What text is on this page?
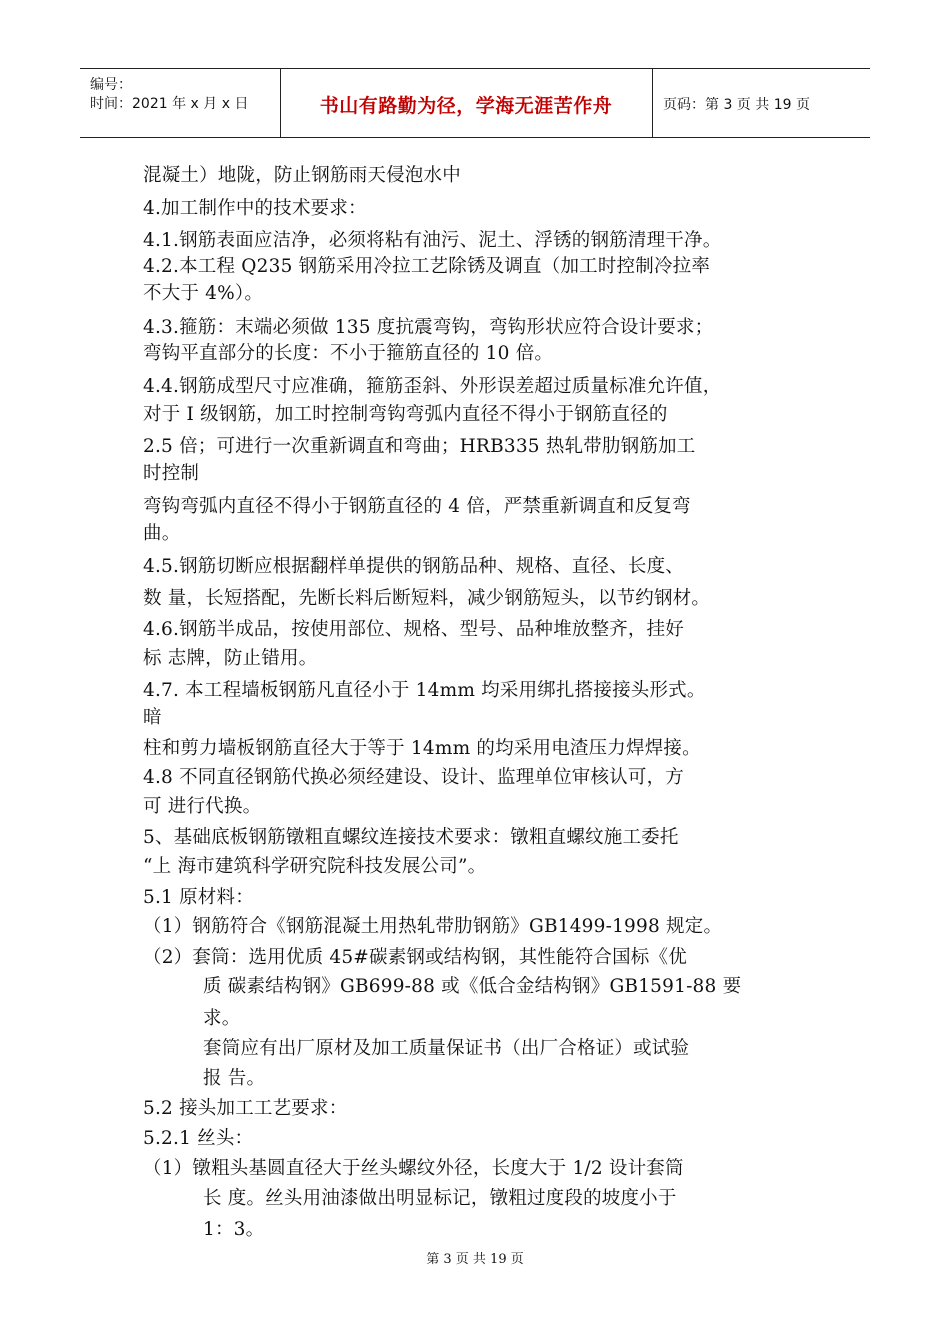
编号：
时间：2021 年 x 月 x 日	书山有路勤为径，学海无涯苦作舟	页码：第 3 页 共 19 页
混凝土）地陇，防止钢筋雨天侵泡水中
4.加工制作中的技术要求：
4.1.钢筋表面应洁净，必须将粘有油污、泥土、浮锈的钢筋清理干净。
4.2.本工程 Q235 钢筋采用冷拉工艺除锈及调直（加工时控制冷拉率
不大于 4%）。
4.3.箍筋：末端必须做 135 度抗震弯钩，弯钩形状应符合设计要求；
弯钩平直部分的长度：不小于箍筋直径的 10 倍。
4.4.钢筋成型尺寸应准确，箍筋歪斜、外形误差超过质量标准允许值，
对于 I 级钢筋，加工时控制弯钩弯弧内直径不得小于钢筋直径的
2.5 倍；可进行一次重新调直和弯曲；HRB335 热轧带肋钢筋加工
时控制
弯钩弯弧内直径不得小于钢筋直径的 4 倍，严禁重新调直和反复弯
曲。
4.5.钢筋切断应根据翻样单提供的钢筋品种、规格、直径、长度、
数 量，长短搭配，先断长料后断短料，减少钢筋短头，以节约钢材。
4.6.钢筋半成品，按使用部位、规格、型号、品种堆放整齐，挂好
标 志牌，防止错用。
4.7. 本工程墙板钢筋凡直径小于 14mm 均采用绑扎搭接接头形式。
暗
柱和剪力墙板钢筋直径大于等于 14mm 的均采用电渣压力焊焊接。
4.8 不同直径钢筋代换必须经建设、设计、监理单位审核认可，方
可 进行代换。
5、基础底板钢筋镦粗直螺纹连接技术要求：镦粗直螺纹施工委托
“上 海市建筑科学研究院科技发展公司”。
5.1 原材料：
（1）钢筋符合《钢筋混凝土用热轧带肋钢筋》GB1499-1998 规定。
（2）套筒：选用优质 45#碳素钢或结构钢，其性能符合国标《优
质 碳素结构钢》GB699-88 或《低合金结构钢》GB1591-88 要
求。
套筒应有出厂原材及加工质量保证书（出厂合格证）或试验
报 告。
5.2 接头加工工艺要求：
5.2.1 丝头：
（1）镦粗头基圆直径大于丝头螺纹外径，长度大于 1/2 设计套筒
长 度。丝头用油漆做出明显标记，镦粗过度段的坡度小于
1：3。
第 3 页 共 19 页
